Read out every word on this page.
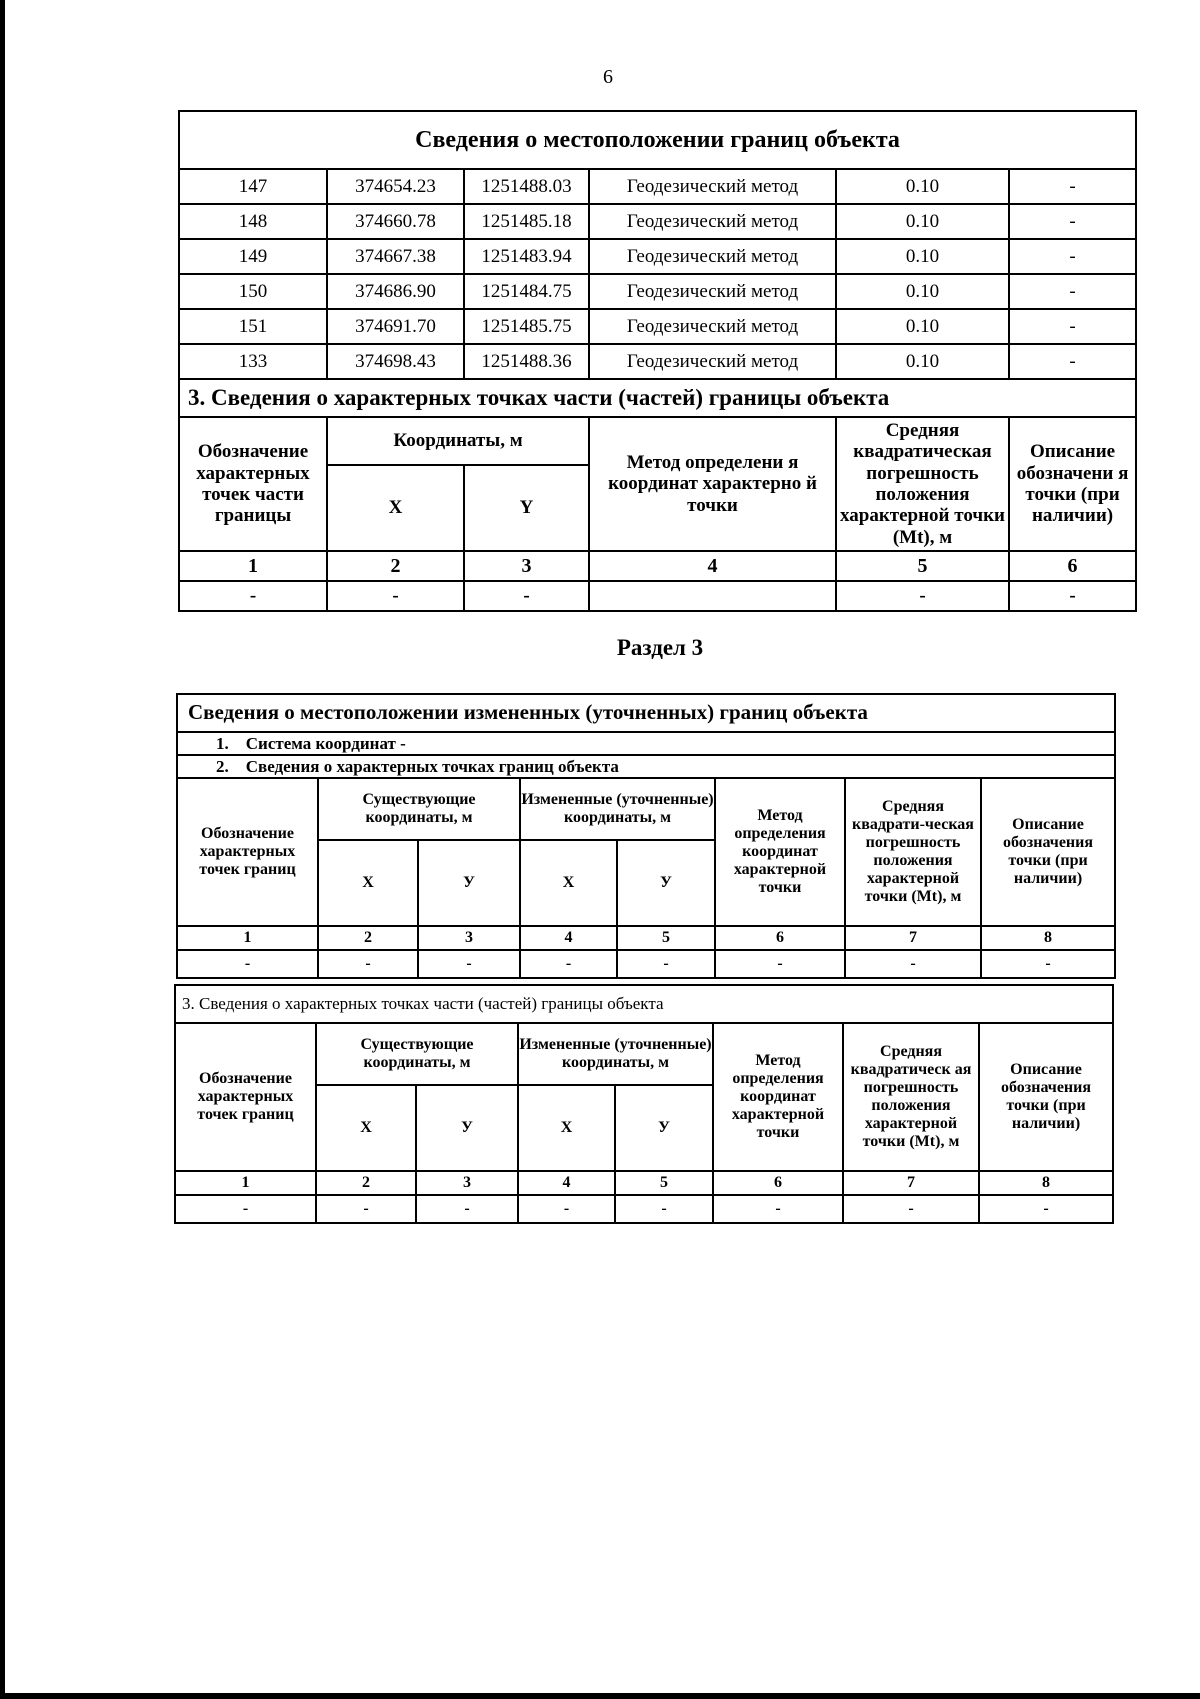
6
Сведения о местоположении границ объекта					
147	374654.23	1251488.03	Геодезический метод	0.10	-
148	374660.78	1251485.18	Геодезический метод	0.10	-
149	374667.38	1251483.94	Геодезический метод	0.10	-
150	374686.90	1251484.75	Геодезический метод	0.10	-
151	374691.70	1251485.75	Геодезический метод	0.10	-
133	374698.43	1251488.36	Геодезический метод	0.10	-
3. Сведения о характерных точках части (частей) границы объекта					
Обозначение характерных точек части границы	Координаты, м		Метод определени я координат характерно й точки	Средняя квадратическая погрешность положения характерной точки (Mt), м	Описание обозначени я точки (при наличии)
	X	Y			
1	2	3	4	5	6
-	-	-		-	-
Раздел 3
Сведения о местоположении измененных (уточненных) границ объекта							
1. Система координат -							
2. Сведения о характерных точках границ объекта							
Обозначение характерных точек границ	Существующие координаты, м		Измененные (уточненные) координаты, м		Метод определения координат характерной точки	Средняя квадрати-ческая погрешность положения характерной точки (Mt), м	Описание обозначения точки (при наличии)
	Х	У	Х	У			
1	2	3	4	5	6	7	8
-	-	-	-	-	-	-	-
3. Сведения о характерных точках части (частей) границы объекта							
Обозначение характерных точек границ	Существующие координаты, м		Измененные (уточненные) координаты, м		Метод определения координат характерной точки	Средняя квадратическ ая погрешность положения характерной точки (Mt), м	Описание обозначения точки (при наличии)
	Х	У	Х	У			
1	2	3	4	5	6	7	8
-	-	-	-	-	-	-	-
